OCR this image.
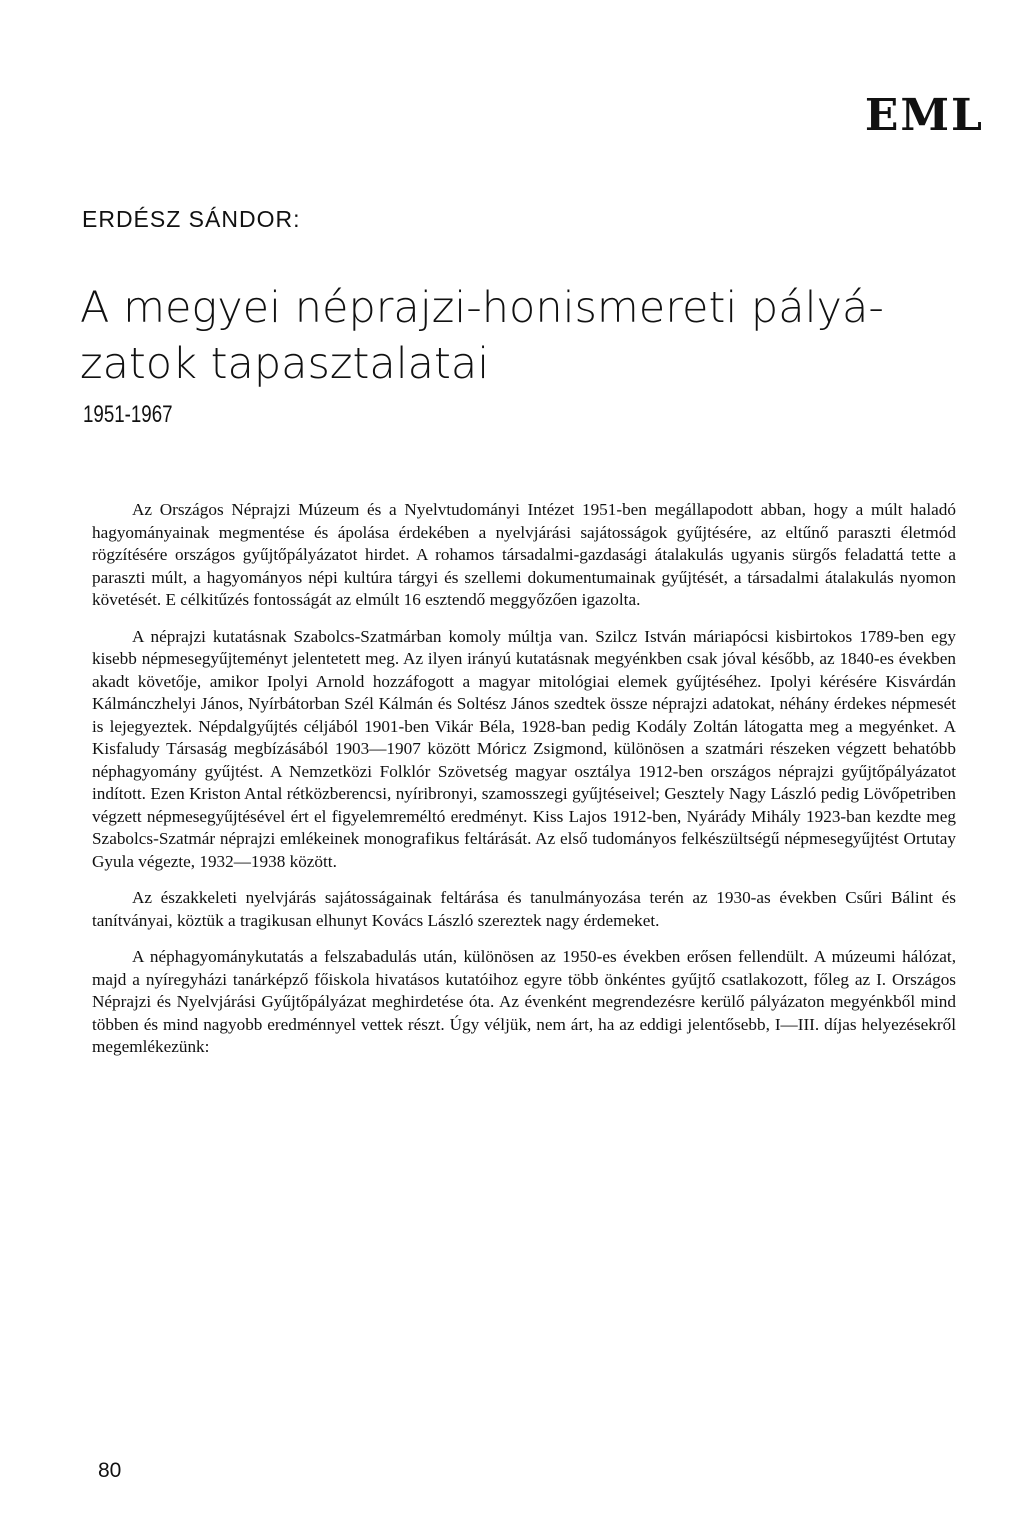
EML
ERDÉSZ SÁNDOR:
A megyei néprajzi-honismereti pályá-
zatok tapasztalatai
1951-1967

Az Országos Néprajzi Múzeum és a Nyelvtudományi Intézet 1951-ben megállapodott abban, hogy a múlt haladó hagyományainak megmentése és ápolása érdekében a nyelvjárási sajátosságok gyűjtésére, az eltűnő paraszti életmód rögzítésére országos gyűjtőpályázatot hirdet. A rohamos társadalmi-gazdasági átalakulás ugyanis sürgős feladattá tette a paraszti múlt, a hagyományos népi kultúra tárgyi és szellemi dokumentumainak gyűjtését, a társadalmi átalakulás nyomon követését. E célkitűzés fontosságát az elmúlt 16 esztendő meggyőzően igazolta.

A néprajzi kutatásnak Szabolcs-Szatmárban komoly múltja van. Szilcz István máriapócsi kisbirtokos 1789-ben egy kisebb népmesegyűjteményt jelentetett meg. Az ilyen irányú kutatásnak megyénkben csak jóval később, az 1840-es években akadt követője, amikor Ipolyi Arnold hozzáfogott a magyar mitológiai elemek gyűjtéséhez. Ipolyi kérésére Kisvárdán Kálmánczhelyi János, Nyírbátorban Szél Kálmán és Soltész János szedtek össze néprajzi adatokat, néhány érdekes népmesét is lejegyeztek. Népdalgyűjtés céljából 1901-ben Vikár Béla, 1928-ban pedig Kodály Zoltán látogatta meg a megyénket. A Kisfaludy Társaság megbízásából 1903—1907 között Móricz Zsigmond, különösen a szatmári részeken végzett behatóbb néphagyomány gyűjtést. A Nemzetközi Folklór Szövetség magyar osztálya 1912-ben országos néprajzi gyűjtőpályázatot indított. Ezen Kriston Antal rétközberencsi, nyíribronyi, szamosszegi gyűjtéseivel; Gesztely Nagy László pedig Lövőpetriben végzett népmesegyűjtésével ért el figyelemreméltó eredményt. Kiss Lajos 1912-ben, Nyárády Mihály 1923-ban kezdte meg Szabolcs-Szatmár néprajzi emlékeinek monografikus feltárását. Az első tudományos felkészültségű népmesegyűjtést Ortutay Gyula végezte, 1932—1938 között.

Az északkeleti nyelvjárás sajátosságainak feltárása és tanulmányozása terén az 1930-as években Csűri Bálint és tanítványai, köztük a tragikusan elhunyt Kovács László szereztek nagy érdemeket.

A néphagyománykutatás a felszabadulás után, különösen az 1950-es években erősen fellendült. A múzeumi hálózat, majd a nyíregyházi tanárképző főiskola hivatásos kutatóihoz egyre több önkéntes gyűjtő csatlakozott, főleg az I. Országos Néprajzi és Nyelvjárási Gyűjtőpályázat meghirdetése óta. Az évenként megrendezésre kerülő pályázaton megyénkből mind többen és mind nagyobb eredménnyel vettek részt. Úgy véljük, nem árt, ha az eddigi jelentősebb, I—III. díjas helyezésekről megemlékezünk:

80
